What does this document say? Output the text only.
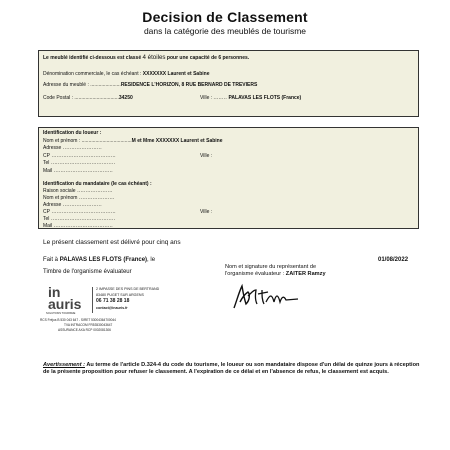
Decision de Classement
dans la catégorie des meublés de tourisme
Le meublé identifié ci-dessous est classé 4 étoiles pour une capacité de 6 personnes.
Dénomination commerciale, le cas échéant : XXXXXXX Laurent et Sabine
Adresse du meublé : ......................RESIDENCE L'HORIZON, 8 RUE BERNARD DE TREVIERS
Code Postal : ................................34250	Ville : ........ PALAVAS LES FLOTS (France)
Identification du loueur :
Nom et prénom : ....................................M et Mme XXXXXXX Laurent et Sabine
Adresse .......................
CP ......................................	Ville :
Tel ......................................
Mail ...................................
Identification du mandataire (le cas échéant) :
Raison sociale .....................
Nom et prénom .....................
Adresse .......................
CP ......................................	Ville :
Tel ......................................
Mail ...................................
Le présent classement est délivré pour cinq ans
Fait à PALAVAS LES FLOTS (France), le	01/08/2022
Timbre de l'organisme évaluateur
Nom et signature du représentant de
l'organisme évaluateur : ZAITER Ramzy
in
auris
SOLUTIONS TOURISME
2 IMPASSE DES PINS DE BERTRAND
83480 PUGET SUR ARGENS
06 71 38 28 18
contact@inauris.fr
RCS Fréjus B 530 043 647 - SIRET 53004364700044
TVA INTRACOM FR53530043647
ASSURANCE AXA RCP 0002081306
Avertissement : Au terme de l'article D.324-4 du code du tourisme, le loueur ou son mandataire dispose d'un délai de quinze jours à réception de la présente proposition pour refuser le classement. A l'expiration de ce délai et en l'absence de refus, le classement est acquis.
